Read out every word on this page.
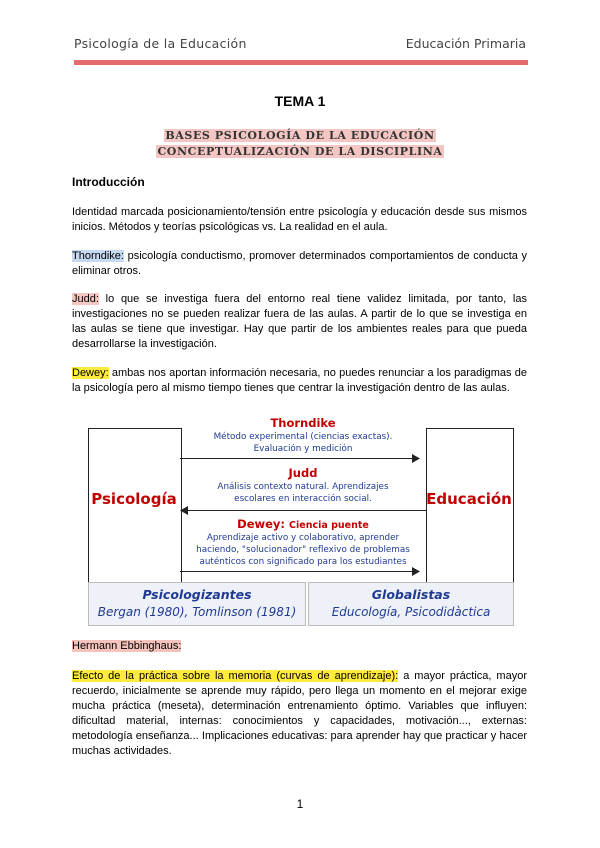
Psicología de la Educación	Educación Primaria
TEMA 1
BASES PSICOLOGÍA DE LA EDUCACIÓN
CONCEPTUALIZACIÓN DE LA DISCIPLINA
Introducción
Identidad marcada posicionamiento/tensión entre psicología y educación desde sus mismos inicios. Métodos y teorías psicológicas vs. La realidad en el aula.
Thorndike: psicología conductismo, promover determinados comportamientos de conducta y eliminar otros.
Judd: lo que se investiga fuera del entorno real tiene validez limitada, por tanto, las investigaciones no se pueden realizar fuera de las aulas. A partir de lo que se investiga en las aulas se tiene que investigar. Hay que partir de los ambientes reales para que pueda desarrollarse la investigación.
Dewey: ambas nos aportan información necesaria, no puedes renunciar a los paradigmas de la psicología pero al mismo tiempo tienes que centrar la investigación dentro de las aulas.
Psicología	Educación
Thorndike
Método experimental (ciencias exactas).
Evaluación y medición
Judd
Análisis contexto natural. Aprendizajes
escolares en interacción social.
Dewey: Ciencia puente
Aprendizaje activo y colaborativo, aprender
haciendo, "solucionador" reflexivo de problemas
auténticos con significado para los estudiantes
Psicologizantes
Bergan (1980), Tomlinson (1981)
Globalistas
Educología, Psicodidàctica
Hermann Ebbinghaus:
Efecto de la práctica sobre la memoria (curvas de aprendizaje): a mayor práctica, mayor recuerdo, inicialmente se aprende muy rápido, pero llega un momento en el mejorar exige mucha práctica (meseta), determinación entrenamiento óptimo. Variables que influyen: dificultad material, internas: conocimientos y capacidades, motivación..., externas: metodología enseñanza... Implicaciones educativas: para aprender hay que practicar y hacer muchas actividades.
1
